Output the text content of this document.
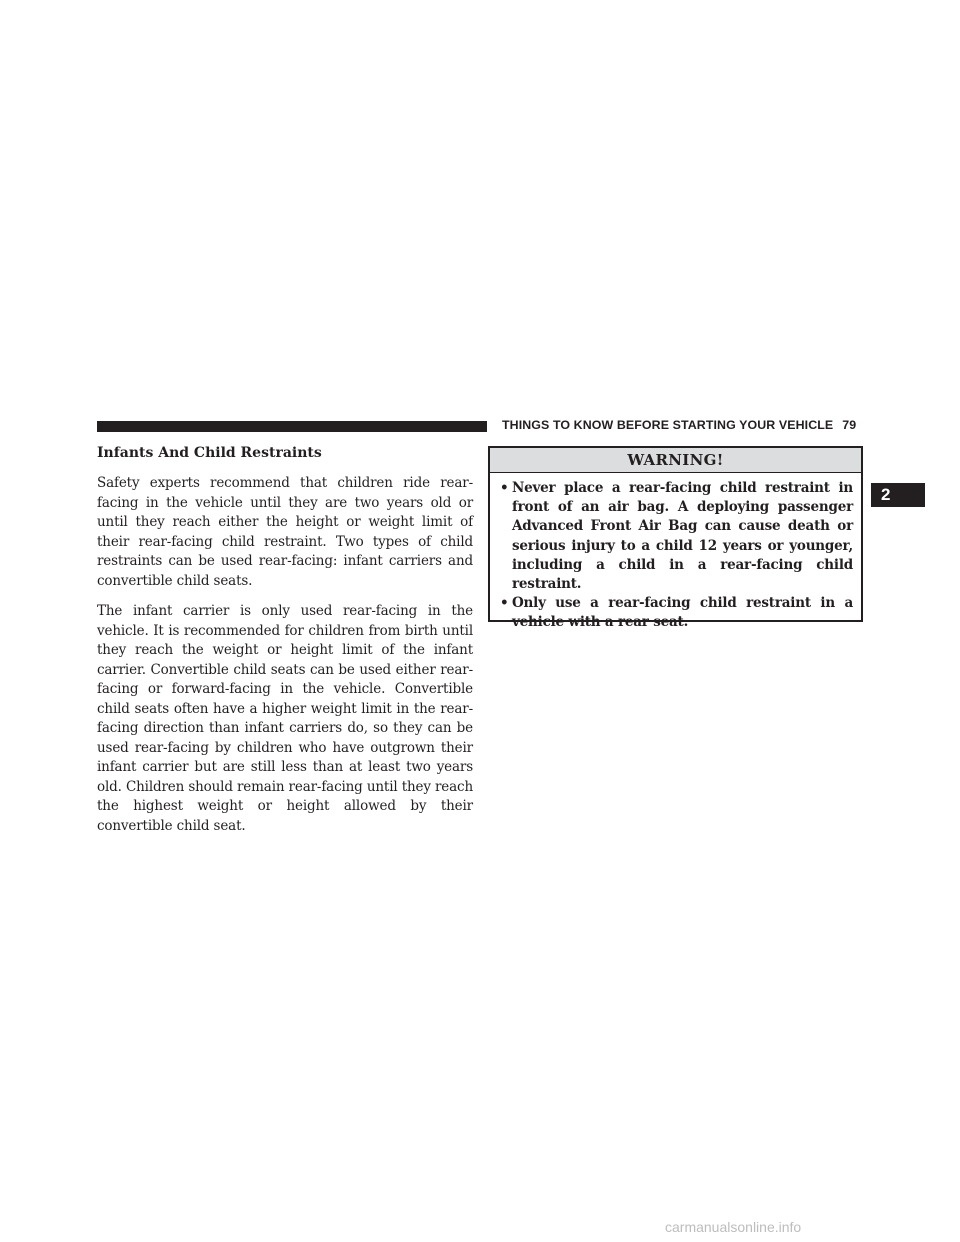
THINGS TO KNOW BEFORE STARTING YOUR VEHICLE 79
2
Infants And Child Restraints

Safety experts recommend that children ride rear-facing in the vehicle until they are two years old or until they reach either the height or weight limit of their rear-facing child restraint. Two types of child restraints can be used rear-facing: infant carriers and convertible child seats.

The infant carrier is only used rear-facing in the vehicle. It is recommended for children from birth until they reach the weight or height limit of the infant carrier. Convertible child seats can be used either rear-facing or forward-facing in the vehicle. Convertible child seats often have a higher weight limit in the rear-facing direction than infant carriers do, so they can be used rear-facing by children who have outgrown their infant carrier but are still less than at least two years old. Children should remain rear-facing until they reach the highest weight or height allowed by their convertible child seat.

WARNING!
• Never place a rear-facing child restraint in front of an air bag. A deploying passenger Advanced Front Air Bag can cause death or serious injury to a child 12 years or younger, including a child in a rear-facing child restraint.
• Only use a rear-facing child restraint in a vehicle with a rear seat.
carmanualsonline.info
